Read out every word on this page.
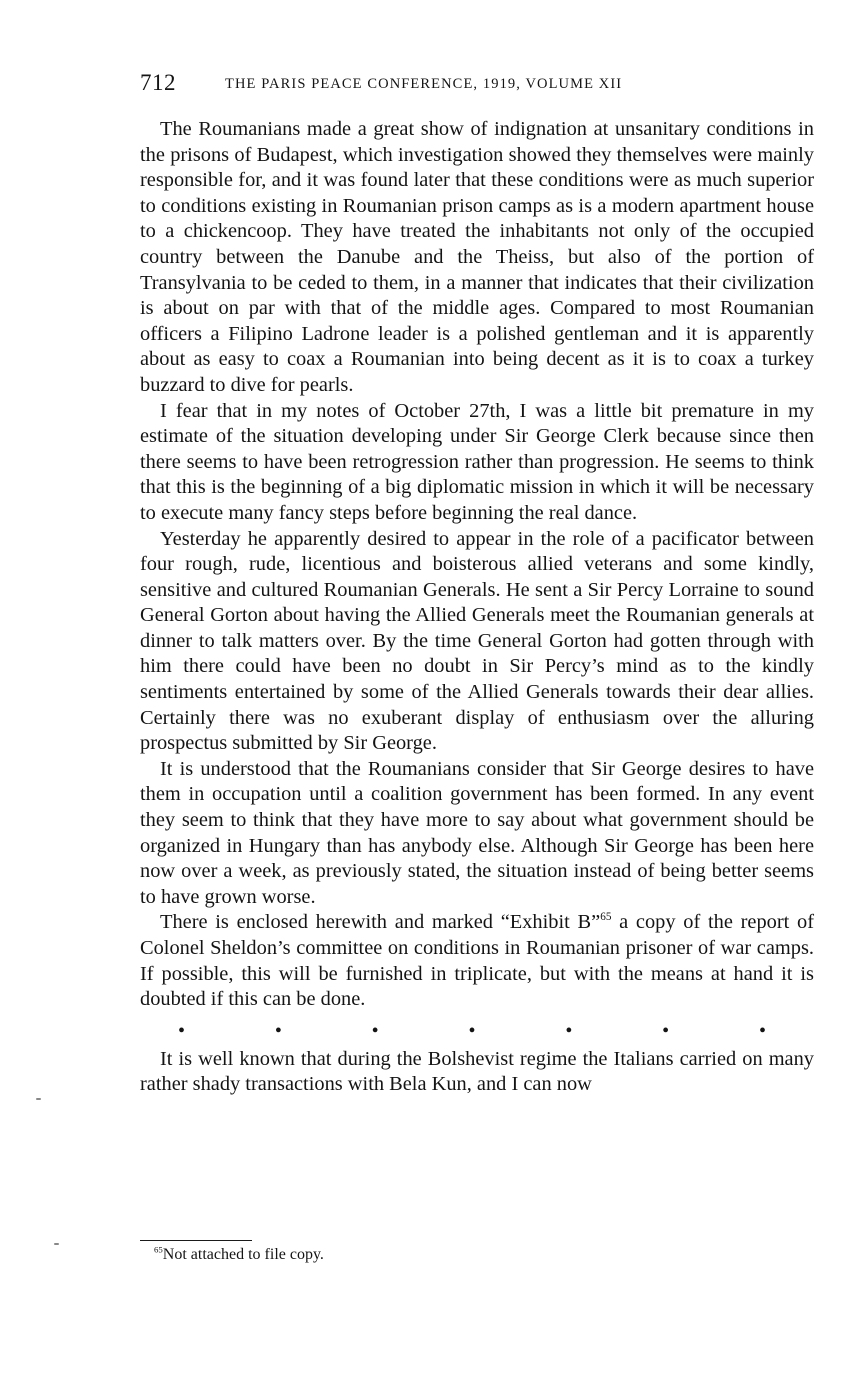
712	THE PARIS PEACE CONFERENCE, 1919, VOLUME XII

The Roumanians made a great show of indignation at unsanitary conditions in the prisons of Budapest, which investigation showed they themselves were mainly responsible for, and it was found later that these conditions were as much superior to conditions existing in Roumanian prison camps as is a modern apartment house to a chickencoop. They have treated the inhabitants not only of the occupied country between the Danube and the Theiss, but also of the portion of Transylvania to be ceded to them, in a manner that indicates that their civilization is about on par with that of the middle ages. Compared to most Roumanian officers a Filipino Ladrone leader is a polished gentleman and it is apparently about as easy to coax a Roumanian into being decent as it is to coax a turkey buzzard to dive for pearls.

I fear that in my notes of October 27th, I was a little bit premature in my estimate of the situation developing under Sir George Clerk because since then there seems to have been retrogression rather than progression. He seems to think that this is the beginning of a big diplomatic mission in which it will be necessary to execute many fancy steps before beginning the real dance.

Yesterday he apparently desired to appear in the role of a pacificator between four rough, rude, licentious and boisterous allied veterans and some kindly, sensitive and cultured Roumanian Generals. He sent a Sir Percy Lorraine to sound General Gorton about having the Allied Generals meet the Roumanian generals at dinner to talk matters over. By the time General Gorton had gotten through with him there could have been no doubt in Sir Percy’s mind as to the kindly sentiments entertained by some of the Allied Generals towards their dear allies. Certainly there was no exuberant display of enthusiasm over the alluring prospectus submitted by Sir George.

It is understood that the Roumanians consider that Sir George desires to have them in occupation until a coalition government has been formed. In any event they seem to think that they have more to say about what government should be organized in Hungary than has anybody else. Although Sir George has been here now over a week, as previously stated, the situation instead of being better seems to have grown worse.

There is enclosed herewith and marked “Exhibit B”$^{65}$ a copy of the report of Colonel Sheldon’s committee on conditions in Roumanian prisoner of war camps. If possible, this will be furnished in triplicate, but with the means at hand it is doubted if this can be done.

•	•	•	•	•	•	•

It is well known that during the Bolshevist regime the Italians carried on many rather shady transactions with Bela Kun, and I can now

$^{65}$Not attached to file copy.
